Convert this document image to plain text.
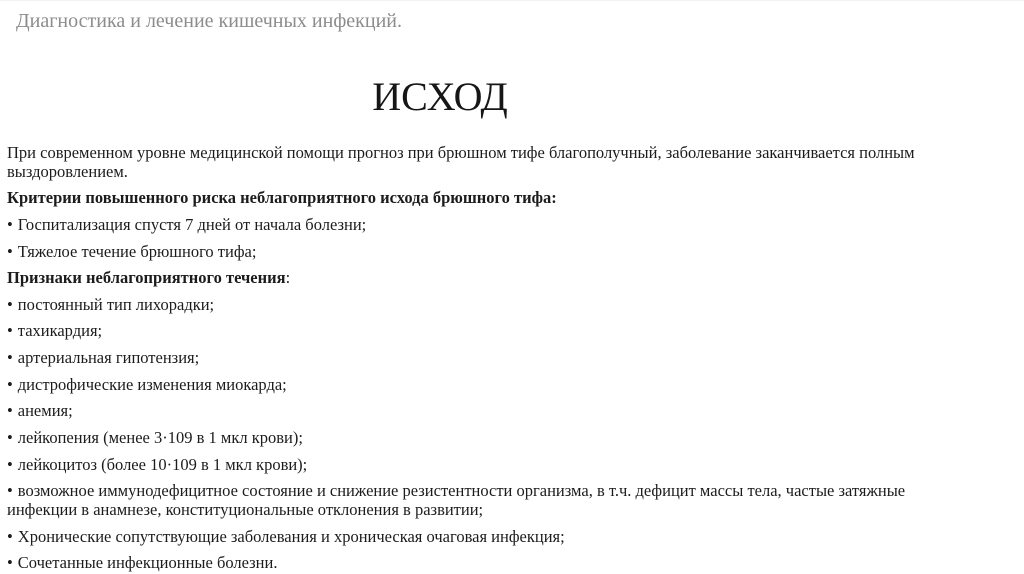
Диагностика и лечение кишечных инфекций.
ИСХОД

При современном уровне медицинской помощи прогноз при брюшном тифе благополучный, заболевание заканчивается полным выздоровлением.

Критерии повышенного риска неблагоприятного исхода брюшного тифа:

• Госпитализация спустя 7 дней от начала болезни;

• Тяжелое течение брюшного тифа;

Признаки неблагоприятного течения:

• постоянный тип лихорадки;

• тахикардия;

• артериальная гипотензия;

• дистрофические изменения миокарда;

• анемия;

• лейкопения (менее 3·109 в 1 мкл крови);

• лейкоцитоз (более 10·109 в 1 мкл крови);

• возможное иммунодефицитное состояние и снижение резистентности организма, в т.ч. дефицит массы тела, частые затяжные инфекции в анамнезе, конституциональные отклонения в развитии;

• Хронические сопутствующие заболевания и хроническая очаговая инфекция;

• Сочетанные инфекционные болезни.
